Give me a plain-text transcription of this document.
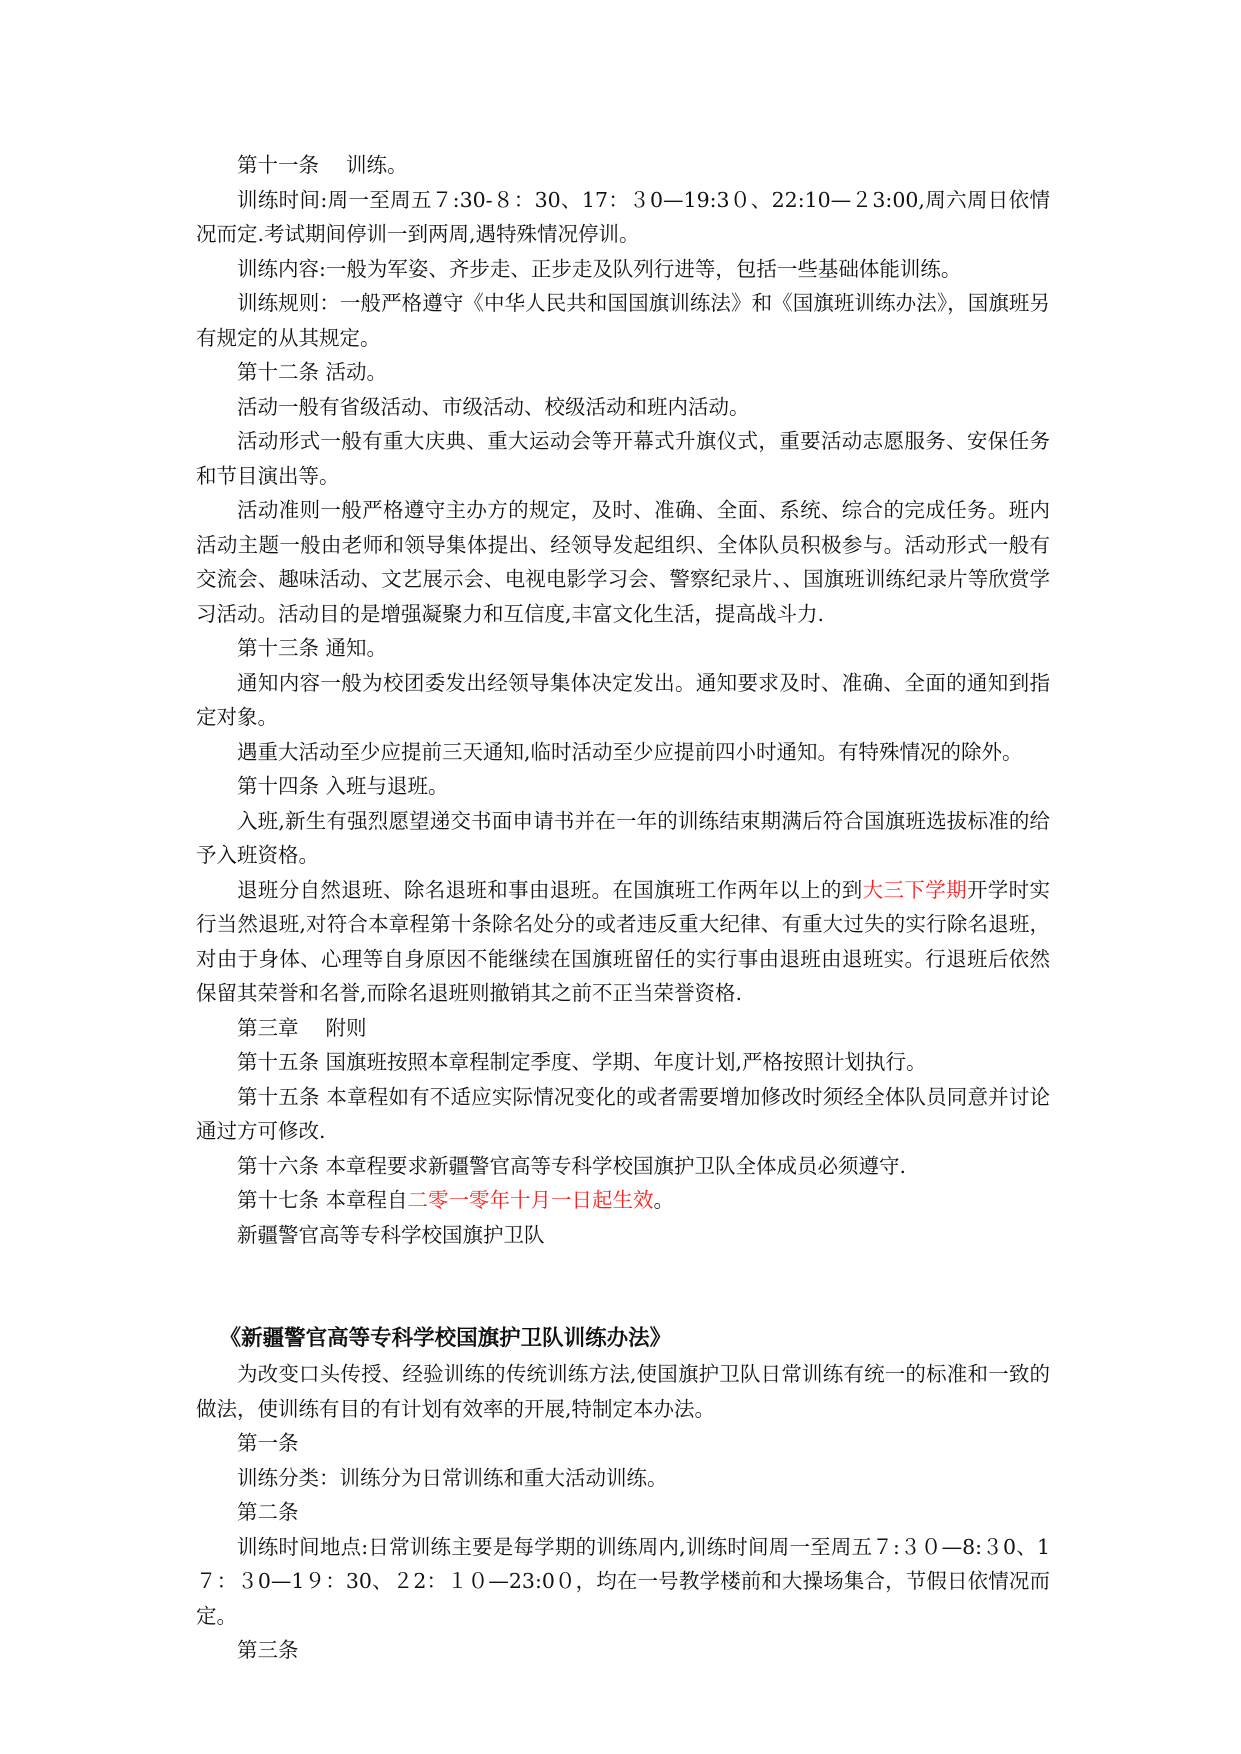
第十一条　 训练。

训练时间:周一至周五７:30-８：30、17：３0—19:3０、22:10—２3:00,周六周日依情况而定.考试期间停训一到两周,遇特殊情况停训。

训练内容:一般为军姿、齐步走、正步走及队列行进等，包括一些基础体能训练。

训练规则：一般严格遵守《中华人民共和国国旗训练法》和《国旗班训练办法》，国旗班另有规定的从其规定。

第十二条 活动。

活动一般有省级活动、市级活动、校级活动和班内活动。

活动形式一般有重大庆典、重大运动会等开幕式升旗仪式，重要活动志愿服务、安保任务和节目演出等。

活动准则一般严格遵守主办方的规定，及时、准确、全面、系统、综合的完成任务。班内活动主题一般由老师和领导集体提出、经领导发起组织、全体队员积极参与。活动形式一般有交流会、趣味活动、文艺展示会、电视电影学习会、警察纪录片、、国旗班训练纪录片等欣赏学习活动。活动目的是增强凝聚力和互信度,丰富文化生活，提高战斗力.

第十三条 通知。

通知内容一般为校团委发出经领导集体决定发出。通知要求及时、准确、全面的通知到指定对象。

遇重大活动至少应提前三天通知,临时活动至少应提前四小时通知。有特殊情况的除外。

第十四条 入班与退班。

入班,新生有强烈愿望递交书面申请书并在一年的训练结束期满后符合国旗班选拔标准的给予入班资格。

退班分自然退班、除名退班和事由退班。在国旗班工作两年以上的到大三下学期开学时实行当然退班,对符合本章程第十条除名处分的或者违反重大纪律、有重大过失的实行除名退班，对由于身体、心理等自身原因不能继续在国旗班留任的实行事由退班由退班实。行退班后依然保留其荣誉和名誉,而除名退班则撤销其之前不正当荣誉资格.

第三章　 附则

第十五条 国旗班按照本章程制定季度、学期、年度计划,严格按照计划执行。

第十五条 本章程如有不适应实际情况变化的或者需要增加修改时须经全体队员同意并讨论通过方可修改.

第十六条 本章程要求新疆警官高等专科学校国旗护卫队全体成员必须遵守.

第十七条 本章程自二零一零年十月一日起生效。

新疆警官高等专科学校国旗护卫队

《新疆警官高等专科学校国旗护卫队训练办法》

为改变口头传授、经验训练的传统训练方法,使国旗护卫队日常训练有统一的标准和一致的做法，使训练有目的有计划有效率的开展,特制定本办法。

第一条

训练分类：训练分为日常训练和重大活动训练。

第二条

训练时间地点:日常训练主要是每学期的训练周内,训练时间周一至周五７:３０—8:３0、1７：３0—1９：30、２2：１０—23:0０，均在一号教学楼前和大操场集合，节假日依情况而定。

第三条
